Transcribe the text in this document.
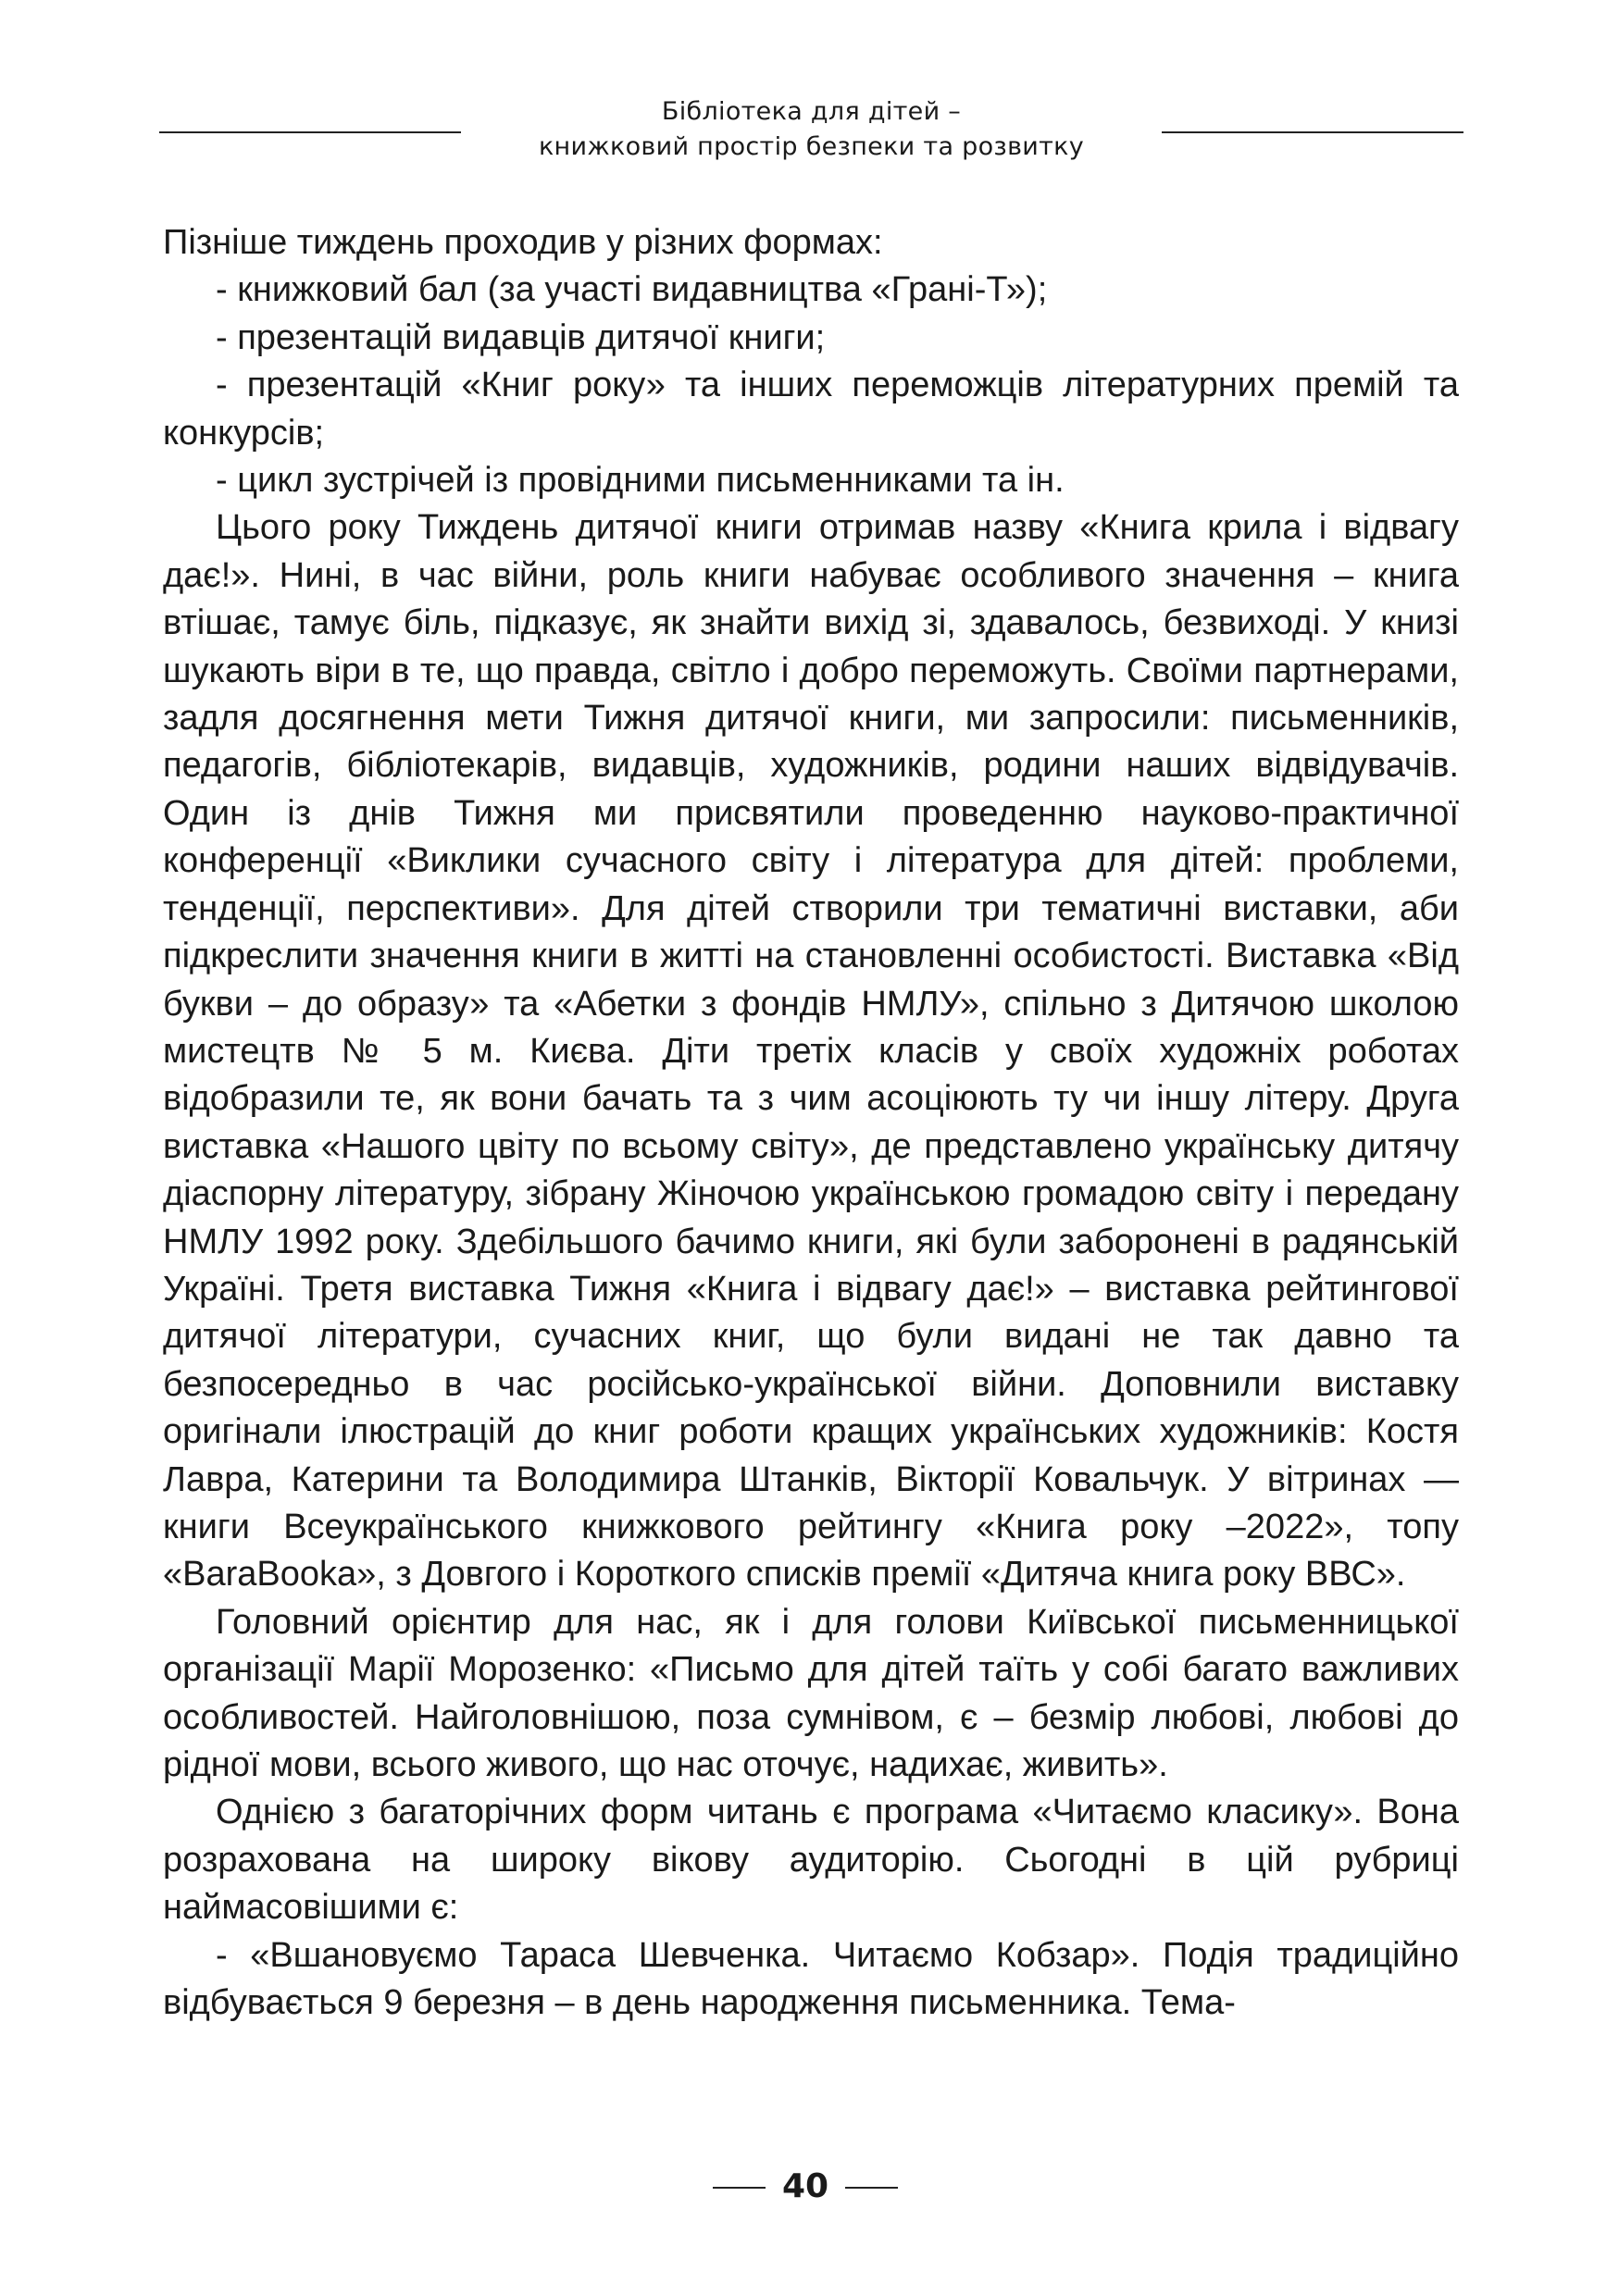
Бібліотека для дітей –
книжковий простір безпеки та розвитку

Пізніше тиждень проходив у різних формах:

- книжковий бал (за участі видавництва «Грані-Т»);

- презентацій видавців дитячої книги;

- презентацій «Книг року» та інших переможців літературних премій та конкурсів;

- цикл зустрічей із провідними письменниками та ін.

Цього року Тиждень дитячої книги отримав назву «Книга крила і відвагу дає!». Нині, в час війни, роль книги набуває особливого значення – книга втішає, тамує біль, підказує, як знайти вихід зі, здавалось, безвиході. У книзі шукають віри в те, що правда, світло і добро переможуть. Своїми партнерами, задля досягнення мети Тижня дитячої книги, ми запросили: письменників, педагогів, бібліотекарів, видавців, художників, родини наших відвідувачів. Один із днів Тижня ми присвятили проведенню науково-практичної конференції «Виклики сучасного світу і література для дітей: проблеми, тенденції, перспективи». Для дітей створили три тематичні виставки, аби підкреслити значення книги в житті на становленні особистості. Виставка «Від букви – до образу» та «Абетки з фондів НМЛУ», спільно з Дитячою школою мистецтв № 5 м. Києва. Діти третіх класів у своїх художніх роботах відобразили те, як вони бачать та з чим асоціюють ту чи іншу літеру. Друга виставка «Нашого цвіту по всьому світу», де представлено українську дитячу діаспорну літературу, зібрану Жіночою українською громадою світу і передану НМЛУ 1992 року. Здебільшого бачимо книги, які були заборонені в радянській Україні. Третя виставка Тижня «Книга і відвагу дає!» – виставка рейтингової дитячої літератури, сучасних книг, що були видані не так давно та безпосередньо в час російсько-української війни. Доповнили виставку оригінали ілюстрацій до книг роботи кращих українських художників: Костя Лавра, Катерини та Володимира Штанків, Вікторії Ковальчук. У вітринах — книги Всеукраїнського книжкового рейтингу «Книга року –2022», топу «BaraBooka», з Довгого і Короткого списків премії «Дитяча книга року ВВС».

Головний орієнтир для нас, як і для голови Київської письменницької організації Марії Морозенко: «Письмо для дітей таїть у собі багато важливих особливостей. Найголовнішою, поза сумнівом, є – безмір любові, любові до рідної мови, всього живого, що нас оточує, надихає, живить».

Однією з багаторічних форм читань є програма «Читаємо класику». Вона розрахована на широку вікову аудиторію. Сьогодні в цій рубриці наймасовішими є:

- «Вшановуємо Тараса Шевченка. Читаємо Кобзар». Подія традиційно відбувається 9 березня – в день народження письменника. Тема-

40
